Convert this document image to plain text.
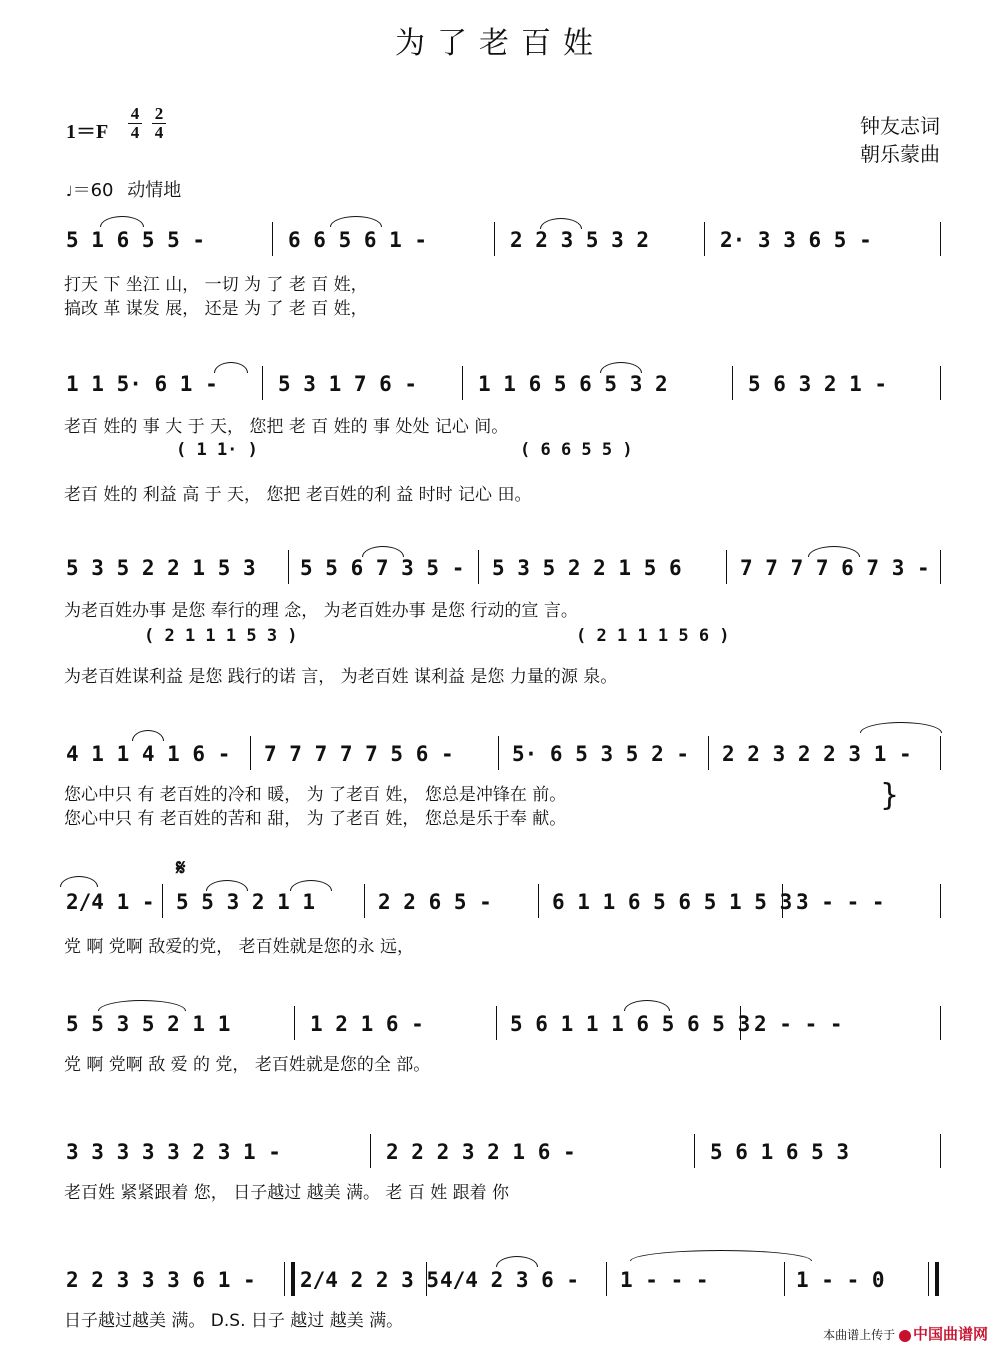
为了老百姓
1＝F
4
4
2
4	钟友志词
朝乐蒙曲
♩＝60 动情地
5 1 6 5 5 -	6 6 5 6 1 -	2 2 3 5 3 2	2· 3 3 6 5 -
打天 下 坐江 山， 一切 为 了 老 百 姓，
搞改 革 谋发 展， 还是 为 了 老 百 姓，
1 1 5· 6 1 -	5 3 1 7 6 -	1 1 6 5 6 5 3 2	5 6 3 2 1 -
老百 姓的 事 大 于 天， 您把 老 百 姓的 事 处处 记心 间。
( 1 1· )	( 6 6 5 5 )
老百 姓的 利益 高 于 天， 您把 老百姓的利 益 时时 记心 田。
5 3 5 2 2 1 5 3 5 5 6 7 3 5 - 5 3 5 2 2 1 5 6	7 7 7 7 6 7 3 -
为老百姓办事 是您 奉行的理 念， 为老百姓办事 是您 行动的宣 言。
( 2 1 1 1 5 3 )	( 2 1 1 1 5 6 )
为老百姓谋利益 是您 践行的诺 言， 为老百姓 谋利益 是您 力量的源 泉。
4 1 1 4 1 6 - 7 7 7 7 7 5 6 -	5· 6 5 3 5 2 - 2 2 3 2 2 3 1 -
您心中只 有 老百姓的冷和 暖， 为 了老百 姓， 您总是冲锋在 前。
您心中只 有 老百姓的苦和 甜， 为 了老百 姓， 您总是乐于奉 献。
}
𝄋
2/4 1 - 5 5 3 2 1 1	2 2 6 5 -	6 1 1 6 5 6 5 1 5 3 3 - - -
党 啊 党啊 敌爱的党， 老百姓就是您的永 远，
5 5 3 5 2 1 1	1 2 1 6 -	5 6 1 1 1 6 5 6 5 3 2 - - -
党 啊 党啊 敌 爱 的 党， 老百姓就是您的全 部。
3 3 3 3 3 2 3 1 -	2 2 2 3 2 1 6 -	5 6 1 6 5 3
老百姓 紧紧跟着 您， 日子越过 越美 满。 老 百 姓 跟着 你
2 2 3 3 3 6 1 - 2/4 2 2 3 5 4/4 2 3 6 - 1 - - -	1 - - 0
日子越过越美 满。 D.S. 日子 越过 越美 满。
本曲谱上传于 中国曲谱网
